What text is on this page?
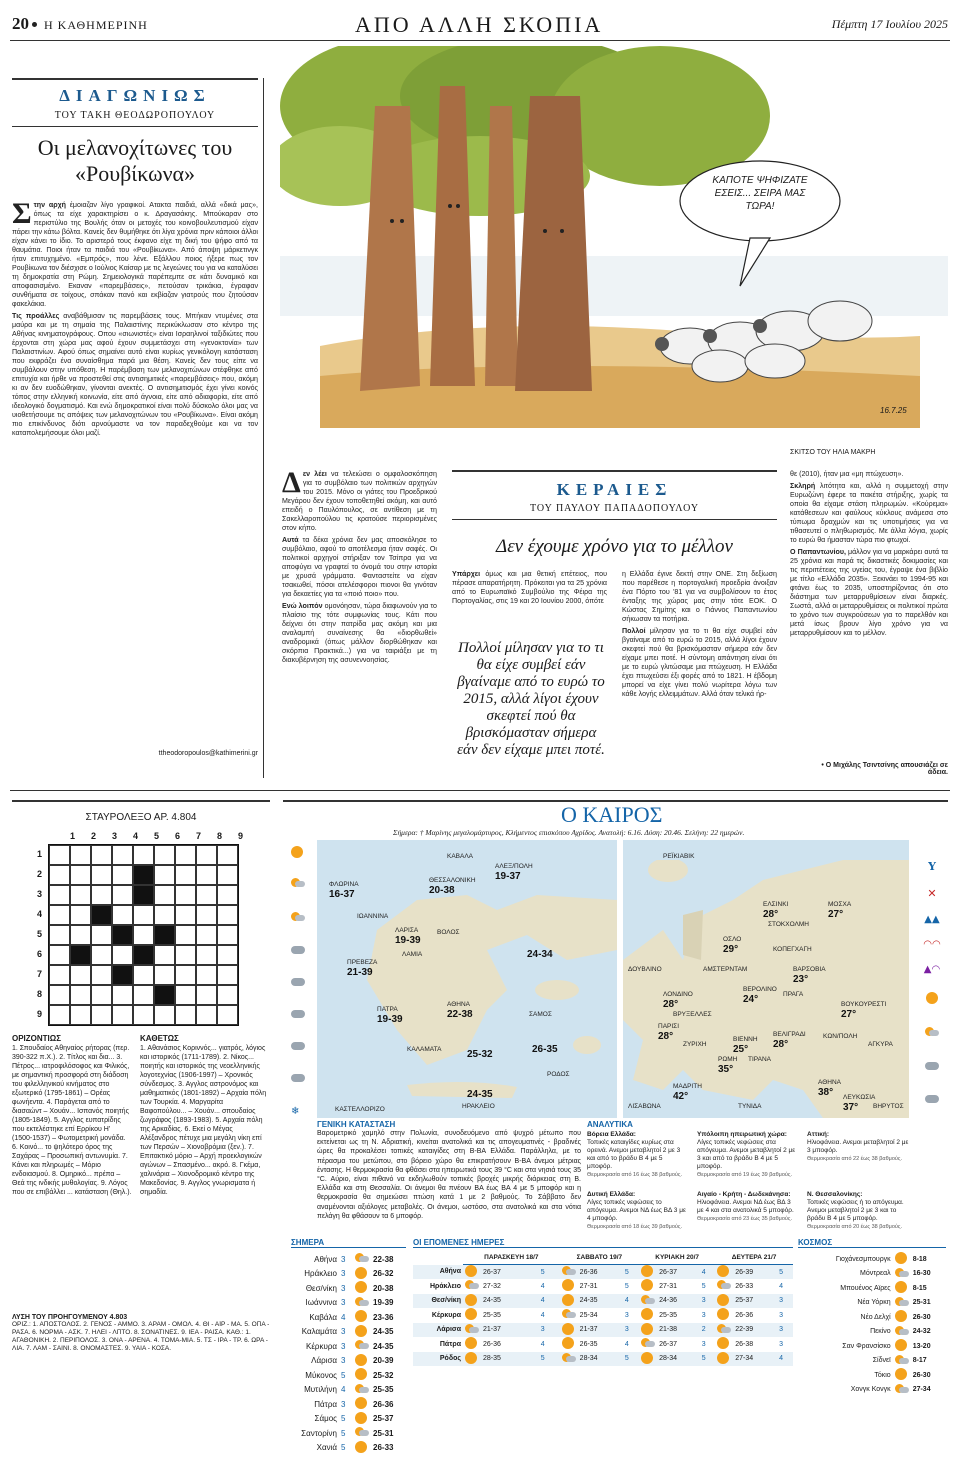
20 Η ΚΑΘΗΜΕΡΙΝΗ	ΑΠΟ ΑΛΛΗ ΣΚΟΠΙΑ	Πέμπτη 17 Ιουλίου 2025
ΔΙΑΓΩΝΙΩΣ
ΤΟΥ ΤΑΚΗ ΘΕΟΔΩΡΟΠΟΥΛΟΥ
Οι μελανοχίτωνες του «Ρουβίκωνα»

Στην αρχή έμοιαζαν λίγο γραφικοί. Ατακτα παιδιά, αλλά «δικά μας», όπως τα είχε χαρακτηρίσει ο κ. Δραγασάκης. Μπούκαραν στο περιστύλιο της Βουλής όταν οι μετοχές του κοινοβουλευτισμού είχαν πάρει την κάτω βόλτα. Κανείς δεν θυμήθηκε ότι λίγα χρόνια πριν κάποιοι άλλοι είχαν κάνει το ίδιο. Το αριστερό τους έκφανο είχε τη δική του ψήφο από τα θαυμάτια. Ποιοι ήταν τα παιδιά του «Ρουβίκωνα». Από άποψη μάρκετινγκ ήταν επιτυχημένο. «Εμπρός», που λένε. Εξάλλου ποιος ήξερε πως τον Ρουβίκωνα τον διέσχισε ο Ιούλιος Καίσαρ με τις λεγεώνες του για να καταλύσει τη δημοκρατία στη Ρώμη. Σημειολογικά παρέπεμπε σε κάτι δυναμικό και αποφασισμένο. Εκαναν «παρεμβάσεις», πετούσαν τρικάκια, έγραφαν συνθήματα σε τοίχους, σπάκαν πανό και εκβίαζαν γιατρούς που ζητούσαν φακελάκια.

Τις προάλλες αναβάθμισαν τις παρεμβάσεις τους. Μπήκαν ντυμένες στα μαύρα και με τη σημαία της Παλαιστίνης περικύκλωσαν στο κέντρο της Αθήνας κινηματογράφους. Οπου «σιωνιστές» είναι Ισραηλινοί ταξιδιώτες που έρχονται στη χώρα μας αφού έχουν συμμετάσχει στη «γενοκτονία» των Παλαιστινίων. Αφού όπως σημαίνει αυτό είναι κυρίως γενικόλογη κατάσταση που εκφράζει ένα συναίσθημα παρά μια θέση. Κανείς δεν τους είπε να συμβάλουν στην υπόθεση. Η παρέμβαση των μελανοχιτώνων στέφθηκε από επιτυχία και ήρθε να προστεθεί στις αντισημιτικές «παρεμβάσεις» που, ακόμη κι αν δεν ευοδώθηκαν, γίνονται ανεκτές. Ο αντισημιτισμός έχει γίνει κοινός τόπος στην ελληνική κοινωνία, είτε από άγνοια, είτε από αδιαφορία, είτε από ιδεολογικό δογματισμό. Και ενώ δημοκρατικοί είναι πολύ δύσκολο όλοι μας να υιοθετήσουμε τις απόψεις των μελανοχιτώνων του «Ρουβίκωνα». Είναι ακόμη πιο επικίνδυνος διότι αρνούμαστε να τον παραδεχθούμε και να τον καταπολεμήσουμε όλοι μαζί.

ttheodoropoulos@kathimerini.gr
ΚΑΠΟΤΕ ΨΗΦΙΖΑΤΕ ΕΣΕΙΣ... ΣΕΙΡΑ ΜΑΣ ΤΩΡΑ!
16.7.25
ΣΚΙΤΣΟ ΤΟΥ ΗΛΙΑ ΜΑΚΡΗ

Δεν λέει να τελειώσει ο ομφαλοσκόπηση για το συμβόλαιο των πολιτικών αρχηγών του 2015. Μόνο οι γιάτες του Προεδρικού Μεγάρου δεν έχουν τοποθετηθεί ακόμη, και αυτό επειδή ο Παυλόπουλος, σε αντίθεση με τη Σακελλαροπούλου τις κρατούσε περιορισμένες στον κήπο.

Αυτά τα δέκα χρόνια δεν μας αποσκόλησε το συμβόλαιο, αφού το αποτέλεσμα ήταν σαφές. Οι πολιτικοί αρχηγοί στήριξαν τον Τσίπρα για να αποφύγει να γραφτεί το όνομά του στην ιστορία με χρυσά γράμματα. Φανταστείτε να είχαν τσακωθεί, πόσοι ατελέσφοροι πιονοι θα γινόταν για δεκαετίες για τα «ποιό ποιο» που.

Ενώ λοιπόν ομονόησαν, τώρα διαφωνούν για το πλαίσιο της τότε συμφωνίας τους. Κάτι που δείχνει ότι στην πατρίδα μας ακόμη και μια αναλαμπή συναίνεσης θα «διορθωθεί» αναδρομικά (όπως μάλλον διορθώθηκαν και σκόρπια Πρακτικά...) για να ταιριάξει με τη διακυβέρνηση της ασυνεννοησίας.

ΚΕΡΑΙΕΣ
ΤΟΥ ΠΑΥΛΟΥ ΠΑΠΑΔΟΠΟΥΛΟΥ
Δεν έχουμε χρόνο για το μέλλον

Υπάρχει όμως και μια θετική επέτειος, που πέρασε απαρατήρητη. Πρόκειται για τα 25 χρόνια από το Ευρωπαϊκό Συμβούλιο της Φέιρα της Πορτογαλίας, στις 19 και 20 Ιουνίου 2000, όπότε

Πολλοί μίλησαν για το τι θα είχε συμβεί εάν βγαίναμε από το ευρώ το 2015, αλλά λίγοι έχουν σκεφτεί πού θα βρισκόμασταν σήμερα εάν δεν είχαμε μπει ποτέ.

η Ελλάδα έγινε δεκτή στην ΟΝΕ. Στη δεξίωση που παρέθεσε η πορτογαλική προεδρία άνοιξαν ένα Πόρτο του '81 για να συμβολίσουν το έτος ένταξης της χώρας μας στην τότε ΕΟΚ. Ο Κώστας Σημίτης και ο Γιάννος Παπαντωνίου σήκωσαν τα ποτήρια.

Πολλοί μίλησαν για το τι θα είχε συμβεί εάν βγαίναμε από το ευρώ το 2015, αλλά λίγοι έχουν σκεφτεί πού θα βρισκόμασταν σήμερα εάν δεν είχαμε μπει ποτέ. Η σύντομη απάντηση είναι ότι με το ευρώ γλιτώσαμε μια πτώχευση. Η Ελλάδα έχει πτωχεύσει έξι φορές από το 1821. Η έβδομη μπορεί να είχε γίνει πολύ νωρίτερα λόγω των κάθε λογής ελλειμμάτων. Αλλά όταν τελικά ήρ-

θε (2010), ήταν μια «μη πτώχευση».

Σκληρή λιτότητα και, αλλά η συμμετοχή στην Ευρωζώνη έφερε τα πακέτα στήριξης, χωρίς τα οποία θα είχαμε στάση πληρωμών. «Κούρεμα» κατάθεσεων και φαύλους κύκλους ανάμεσα στο τύπωμα δραχμών και τις υποτιμήσεις για να τιθασευτεί ο πληθωρισμός. Με άλλα λόγια, χωρίς το ευρώ θα ήμασταν τώρα πιο φτωχοί.

Ο Παπαντωνίου, μάλλον για να μαρκάρει αυτά τα 25 χρόνια και παρά τις δικαστικές δοκιμασίες και τις περιπέτειες της υγείας του, έγραψε ένα βιβλίο με τίτλο «Ελλάδα 2035». Ξεκινάει το 1994-95 και φτάνει έως το 2035, υποστηρίζοντας ότι στο διάστημα των μεταρρυθμίσεων είναι διαρκές. Σωστά, αλλά οι μεταρρυθμίσεις οι πολιτικοί πρώτα το χρόνο των συγκρούσεων για το παρελθόν και μετά ίσως βρουν λίγο χρόνο για να μεταρρυθμίσουν και το μέλλον.

• Ο Μιχάλης Τσιντσίνης απουσιάζει σε άδεια.
ΣΤΑΥΡΟΛΕΞΟ ΑΡ. 4.804
1	2	3	4	5	6	7	8	9
1
2
3
4
5
6
7
8
9
ΟΡΙΖΟΝΤΙΩΣ
1. Σπουδαίος Αθηναίος ρήτορας (περ. 390-322 π.Χ.). 2. Τίτλος και δια... 3. Πέτρος... ιατροφιλόσοφος και Φιλικός, με σημαντική προσφορά στη διάδοση του φιλελληνικού κινήματος στο εξωτερικό (1795-1861) – Ορέας φωνήεντα. 4. Παράγεται από το διασαώντ – Χουάν... Ισπανός ποιητής (1805-1849). 5. Αγγλος ευπατρίδης που εκτελέστηκε επί Ερρίκου Η' (1500-1537) – Φωτομετρική μονάδα. 6. Κοινό... το ψηλότερο όρος της Σαχάρας – Προσωπική αντωνυμία. 7. Κάνει και πληρωμές – Μόριο ενδοιασμού. 8. Ομηρικό... πρέπα – Θεά της ινδικής μυθολογίας. 9. Λόγος που σε επιβάλλει ... κατάσταση (Θηλ.).
ΚΑΘΕΤΩΣ
1. Αθανάσιος Κοριννός... γιατρός, λόγιος και ιστορικός (1711-1789). 2. Νίκος... ποιητής και ιστορικός της νεοελληνικής λογοτεχνίας (1906-1997) – Χρονικός σύνδεσμος. 3. Αγγλος αστρονόμος και μαθηματικός (1801-1892) – Αρχαία πόλη των Τουρκία. 4. Μαργαρίτα Βαφοπούλου... – Χουάν... σπουδαίος ζωγράφος (1893-1983). 5. Αρχαία πόλη της Αρκαδίας. 6. Εκεί ο Μέγας Αλέξανδρος πέτυχε μια μεγάλη νίκη επί των Περσών – Χιονοβρόμια (ξεν.). 7. Επιτακτικό μόριο – Αρχή προεκλογικών αγώνων – Σπασμένο... ακρό. 8. Γκέμα, χαλινάρια – Χιονοδρομικό κέντρο της Μακεδονίας. 9. Αγγλος γνωρισματα ή σημαδία.
ΛΥΣΗ ΤΟΥ ΠΡΟΗΓΟΥΜΕΝΟΥ 4.803
ΟΡΙΖ.: 1. ΑΠΟΣΤΟΛΟΣ. 2. ΓΕΝΟΣ - ΑΜΜΟ. 3. ΑΡΑΜ - ΟΜΟΛ. 4. ΘΙ - ΑΪΡ - ΜΑ. 5. ΟΠΑ - ΡΑΣΑ. 6. ΝΟΡΜΑ - ΑΣΚ. 7. ΗΛΕΙ - ΛΠΤΟ. 8. ΣΟΝΑΤΙΝΕΣ. 9. ΙΕΑ - ΡΑΙΣΑ. ΚΑΘ.: 1. ΑΓΑΘΟΝΙΚΗ. 2. ΠΕΡΙΠΟΛΟΣ. 3. ΟΝΑ - ΑΡΕΝΑ. 4. ΤΟΜΑ-ΜΙΑ. 5. ΤΣ - ΙΡΑ - ΤΡ. 6. ΩΡΑ - ΛΙΑ. 7. ΛΑΜ - ΣΑΙΝΙ. 8. ΟΝΟΜΑΣΤΕΣ. 9. ΥΑΙΑ - ΚΟΣΑ.
Ο ΚΑΙΡΟΣ
Σήμερα: † Μαρίνης μεγαλομάρτυρος, Κλήμεντος επισκόπου Αχρίδος. Ανατολή: 6.16. Δύση: 20.46. Σελήνη: 22 ημερών.

❄
ΦΛΩΡΙΝΑ
16-37
ΚΑΒΑΛΑ
ΘΕΣΣΑΛΟΝΙΚΗ
20-38
ΑΛΕΞ/ΠΟΛΗ
19-37
ΙΩΑΝΝΙΝΑ
ΛΑΡΙΣΑ
19-39
ΒΟΛΟΣ
ΠΡΕΒΕΖΑ
21-39
ΛΑΜΙΑ	24-34
ΠΑΤΡΑ
19-39
ΑΘΗΝΑ
22-38	ΣΑΜΟΣ
ΚΑΛΑΜΑΤΑ	25-32	26-35
ΡΟΔΟΣ
24-35
ΗΡΑΚΛΕΙΟ
ΚΑΣΤΕΛΛΟΡΙΖΟ
ΡΕΪΚΙΑΒΙΚ
ΕΛΣΙΝΚΙ
28°
ΜΟΣΧΑ
27°
ΟΣΛΟ
29°
ΣΤΟΚΧΟΛΜΗ
ΚΟΠΕΓΧΑΓΗ
ΔΟΥΒΛΙΝΟ	ΑΜΣΤΕΡΝΤΑΜ	ΒΑΡΣΟΒΙΑ
23°
ΛΟΝΔΙΝΟ
28°
ΒΕΡΟΛΙΝΟ
24°	ΠΡΑΓΑ
ΒΡΥΞΕΛΛΕΣ
ΒΟΥΚΟΥΡΕΣΤΙ
27°
ΠΑΡΙΣΙ
28°	ΒΙΕΝΝΗ
25°
ΒΕΛΙΓΡΑΔΙ
28°
ΖΥΡΙΧΗ
ΚΩΝ/ΠΟΛΗ
ΑΓΚΥΡΑ
ΤΙΡΑΝΑ
ΡΩΜΗ
35°
ΜΑΔΡΙΤΗ
42°
ΑΘΗΝΑ
38°	ΛΕΥΚΩΣΙΑ
37°
ΛΙΣΑΒΩΝΑ	ΤΥΝΙΔΑ	ΒΗΡΥΤΟΣ
Y
✕
▲▲
◠◠
▲◠
ΓΕΝΙΚΗ ΚΑΤΑΣΤΑΣΗ
Βαρομετρικό χαμηλό στην Πολωνία, συνοδευόμενο από ψυχρό μέτωπο που εκτείνεται ως τη Ν. Αδριατική, κινείται ανατολικά και τις απογευματινές - βραδινές ώρες θα προκαλέσει τοπικές καταιγίδες στη Β-ΒΑ Ελλάδα. Παράλληλα, με το πέρασμα του μετώπου, στο βόρειο χώρο θα επικρατήσουν Β-ΒΑ άνεμοι μέτριας έντασης. Η θερμοκρασία θα φθάσει στα ηπειρωτικά τους 39 °C και στα νησιά τους 35 °C. Αύριο, είναι πιθανό να εκδηλωθούν τοπικές βροχές μικρής διάρκειας στη Β. Ελλάδα και στη Θεσσαλία. Οι άνεμοι θα πνέουν ΒΑ έως ΒΑ 4 με 5 μποφόρ και η θερμοκρασία θα σημειώσει πτώση κατά 1 με 2 βαθμούς. Το Σάββατο δεν αναμένονται αξιόλογες μεταβολές. Οι άνεμοι, ωστόσο, στα ανατολικά και στα νότια πελάγη θα φθάσουν τα 6 μποφόρ.
ΑΝΑΛΥΤΙΚΑ
Βόρεια Ελλάδα:
Τοπικές καταιγίδες κυρίως στα ορεινά. Ανεμοι μεταβλητοί 2 με 3 και από το βράδυ Β 4 με 5 μποφόρ.
Θερμοκρασία από 16 έως 38 βαθμούς.
Υπόλοιπη ηπειρωτική χώρα:
Λίγες τοπικές νεφώσεις στα απόγευμα. Ανεμοι μεταβλητοί 2 με 3 και από το βράδυ Β 4 με 5 μποφόρ.
Θερμοκρασία από 19 έως 39 βαθμούς.
Αττική:
Ηλιοφάνεια. Ανεμοι μεταβλητοί 2 με 3 μποφόρ.
Θερμοκρασία από 22 έως 38 βαθμούς.
Δυτική Ελλάδα:
Λίγες τοπικές νεφώσεις το απόγευμα. Ανεμοι ΝΔ έως ΒΔ 3 με 4 μποφόρ.
Θερμοκρασία από 18 έως 39 βαθμούς.
Αιγαίο - Κρήτη - Δωδεκάνησα:
Ηλιοφάνεια. Ανεμοι ΝΔ έως ΒΔ 3 με 4 και στα ανατολικά 5 μποφόρ.
Θερμοκρασία από 23 έως 35 βαθμούς.
Ν. Θεσσαλονίκης:
Τοπικές νεφώσεις ή το απόγευμα. Ανεμοι μεταβλητοί 2 με 3 και το βράδυ Β 4 με 5 μποφόρ.
Θερμοκρασία από 20 έως 38 βαθμούς.
ΣΗΜΕΡΑ
Αθήνα	3		22-38
Ηράκλειο	3		26-32
Θεσ/νίκη	3		20-38
Ιωάννινα	3		19-39
Καβάλα	4		23-36
Καλαμάτα	3		24-35
Κέρκυρα	3		24-35
Λάρισα	3		20-39
Μύκονος	5		25-32
Μυτιλήνη	4		25-35
Πάτρα	3		26-36
Σάμος	5		25-37
Σαντορίνη	5		25-31
Χανιά	5		26-33
ΟΙ ΕΠΟΜΕΝΕΣ ΗΜΕΡΕΣ
	ΠΑΡΑΣΚΕΥΗ 18/7			ΣΑΒΒΑΤΟ 19/7			ΚΥΡΙΑΚΗ 20/7			ΔΕΥΤΕΡΑ 21/7		
Αθήνα		26-37	5		26-36	5		26-37	4		26-39	5
Ηράκλειο		27-32	4		27-31	5		27-31	5		26-33	4
Θεσ/νίκη		24-35	4		24-35	4		24-36	3		25-37	3
Κέρκυρα		25-35	4		25-34	3		25-35	3		26-36	3
Λάρισα		21-37	3		21-37	3		21-38	2		22-39	3
Πάτρα		26-36	4		26-35	4		26-37	3		26-38	3
Ρόδος		28-35	5		28-34	5		28-34	5		27-34	4
ΚΟΣΜΟΣ
Γιοχάνεσμπουργκ		8-18
Μόντρεαλ		16-30
Μπουένος Αϊρες		8-15
Νέα Υόρκη		25-31
Νέο Δελχί		26-30
Πεκίνο		24-32
Σαν Φρανσίσκο		13-20
Σίδνεϊ		8-17
Τόκιο		26-30
Χονγκ Κονγκ		27-34
